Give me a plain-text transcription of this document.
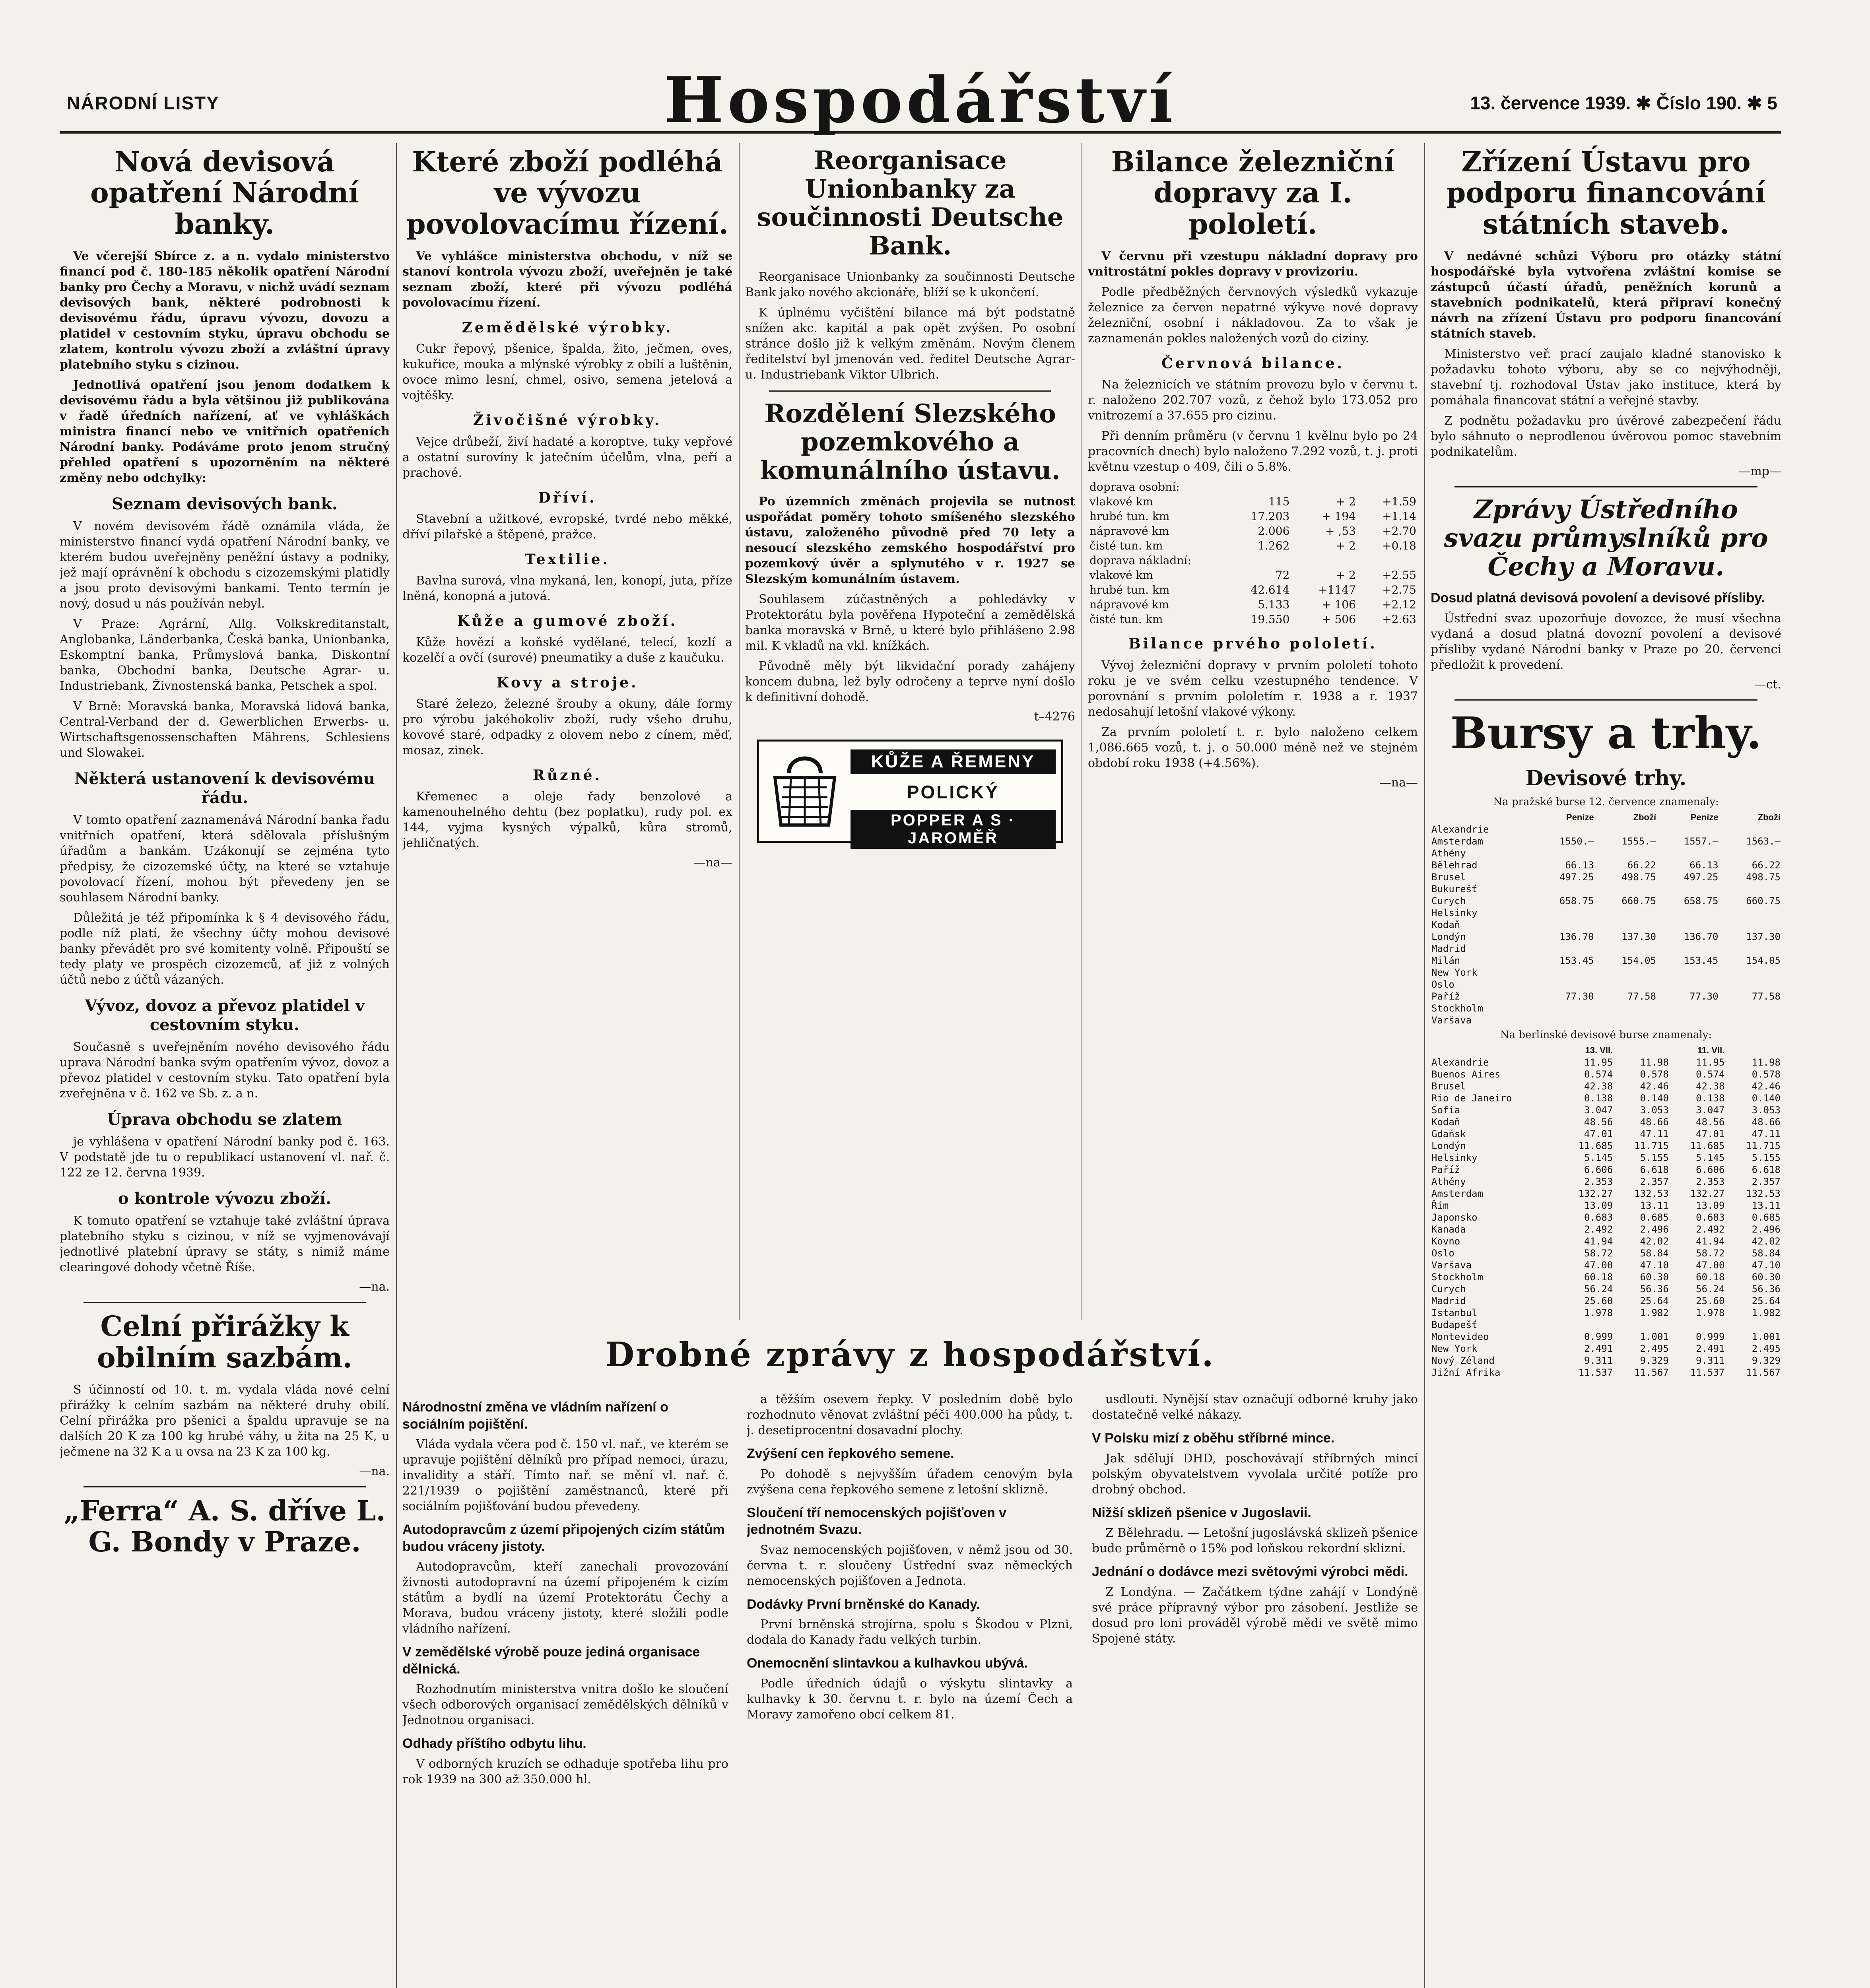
NÁRODNÍ LISTY	Hospodářství	13. července 1939. ✱ Číslo 190. ✱ 5
Nová devisová opatření Národní banky.

Ve včerejší Sbírce z. a n. vydalo ministerstvo financí pod č. 180-185 několik opatření Národní banky pro Čechy a Moravu, v nichž uvádí seznam devisových bank, některé podrobnosti k devisovému řádu, úpravu vývozu, dovozu a platidel v cestovním styku, úpravu obchodu se zlatem, kontrolu vývozu zboží a zvláštní úpravy platebního styku s cizinou.

Jednotlivá opatření jsou jenom dodatkem k devisovému řádu a byla většinou již publikována v řadě úředních nařízení, ať ve vyhláškách ministra financí nebo ve vnitřních opatřeních Národní banky. Podáváme proto jenom stručný přehled opatření s upozorněním na některé změny nebo odchylky:

Seznam devisových bank.

V novém devisovém řádě oznámila vláda, že ministerstvo financí vydá opatření Národní banky, ve kterém budou uveřejněny peněžní ústavy a podniky, jež mají oprávnění k obchodu s cizozemskými platidly a jsou proto devisovými bankami. Tento termín je nový, dosud u nás používán nebyl.

V Praze: Agrární, Allg. Volkskreditanstalt, Anglobanka, Länderbanka, Česká banka, Unionbanka, Eskomptní banka, Průmyslová banka, Diskontní banka, Obchodní banka, Deutsche Agrar- u. Industriebank, Živnostenská banka, Petschek a spol.

V Brně: Moravská banka, Moravská lidová banka, Central-Verband der d. Gewerblichen Erwerbs- u. Wirtschaftsgenossenschaften Mährens, Schlesiens und Slowakei.

Některá ustanovení k devisovému řádu.

V tomto opatření zaznamenává Národní banka řadu vnitřních opatření, která sdělovala příslušným úřadům a bankám. Uzákonují se zejména tyto předpisy, že cizozemské účty, na které se vztahuje povolovací řízení, mohou být převedeny jen se souhlasem Národní banky.

Důležitá je též připomínka k § 4 devisového řádu, podle níž platí, že všechny účty mohou devisové banky převádět pro své komitenty volně. Připouští se tedy platy ve prospěch cizozemců, ať již z volných účtů nebo z účtů vázaných.

Vývoz, dovoz a převoz platidel v cestovním styku.

Současně s uveřejněním nového devisového řádu uprava Národní banka svým opatřením vývoz, dovoz a převoz platidel v cestovním styku. Tato opatření byla zveřejněna v č. 162 ve Sb. z. a n.

Úprava obchodu se zlatem

je vyhlášena v opatření Národní banky pod č. 163. V podstatě jde tu o republikací ustanovení vl. nař. č. 122 ze 12. června 1939.

o kontrole vývozu zboží.

K tomuto opatření se vztahuje také zvláštní úprava platebního styku s cizinou, v níž se vyjmenovávají jednotlivé platební úpravy se státy, s nimiž máme clearingové dohody včetně Říše.

—na.
Celní přirážky k obilním sazbám.

S účinností od 10. t. m. vydala vláda nové celní přirážky k celním sazbám na některé druhy obilí. Celní přirážka pro pšenici a špaldu upravuje se na dalších 20 K za 100 kg hrubé váhy, u žita na 25 K, u ječmene na 32 K a u ovsa na 23 K za 100 kg.

—na.
„Ferra“ A. S. dříve L. G. Bondy v Praze.

Které zboží podléhá ve vývozu povolovacímu řízení.

Ve vyhlášce ministerstva obchodu, v níž se stanoví kontrola vývozu zboží, uveřejněn je také seznam zboží, které při vývozu podléhá povolovacímu řízení.

Zemědělské výrobky.

Cukr řepový, pšenice, špalda, žito, ječmen, oves, kukuřice, mouka a mlýnské výrobky z obilí a luštěnin, ovoce mimo lesní, chmel, osivo, semena jetelová a vojtěšky.

Živočišné výrobky.

Vejce drůbeží, živí hadaté a koroptve, tuky vepřové a ostatní surovíny k jatečním účelům, vlna, peří a prachové.

Dříví.

Stavební a užitkové, evropské, tvrdé nebo měkké, dříví pilařské a štěpené, pražce.

Textilie.

Bavlna surová, vlna mykaná, len, konopí, juta, příze lněná, konopná a jutová.

Kůže a gumové zboží.

Kůže hovězí a koňské vydělané, telecí, kozlí a kozelčí a ovčí (surové) pneumatiky a duše z kaučuku.

Kovy a stroje.

Staré železo, železné šrouby a okuny, dále formy pro výrobu jakéhokoliv zboží, rudy všeho druhu, kovové staré, odpadky z olovem nebo z cínem, měď, mosaz, zinek.

Různé.

Křemenec a oleje řady benzolové a kamenouhelného dehtu (bez poplatku), rudy pol. ex 144, vyjma kysných výpalků, kůra stromů, jehličnatých.

—na—
Reorganisace Unionbanky za součinnosti Deutsche Bank.

Reorganisace Unionbanky za součinnosti Deutsche Bank jako nového akcionáře, blíží se k ukončení.

K úplnému vyčištění bilance má být podstatně snížen akc. kapitál a pak opět zvýšen. Po osobní stránce došlo již k velkým změnám. Novým členem ředitelství byl jmenován ved. ředitel Deutsche Agrar- u. Industriebank Viktor Ulbrich.

Rozdělení Slezského pozemkového a komunálního ústavu.

Po územních změnách projevila se nutnost uspořádat poměry tohoto smíšeného slezského ústavu, založeného původně před 70 lety a nesoucí slezského zemského hospodářství pro pozemkový úvěr a splynutého v r. 1927 se Slezským komunálním ústavem.

Souhlasem zúčastněných a pohledávky v Protektorátu byla pověřena Hypoteční a zemědělská banka moravská v Brně, u které bylo přihlášeno 2.98 mil. K vkladů na vkl. knížkách.

Původně měly být likvidační porady zahájeny koncem dubna, lež byly odročeny a teprve nyní došlo k definitivní dohodě.

t–4276
KŮŽE A ŘEMENY
POLICKÝ
POPPER A S · JAROMĚŘ
Bilance železniční dopravy za I. pololetí.

V červnu při vzestupu nákladní dopravy pro vnitrostátní pokles dopravy v provizoriu.

Podle předběžných červnových výsledků vykazuje železnice za červen nepatrné výkyve nové dopravy železniční, osobní i nákladovou. Za to však je zaznamenán pokles naložených vozů do ciziny.

Červnová bilance.

Na železnicích ve státním provozu bylo v červnu t. r. naloženo 202.707 vozů, z čehož bylo 173.052 pro vnitrozemí a 37.655 pro cizinu.

Při denním průměru (v červnu 1 kvělnu bylo po 24 pracovních dnech) bylo naloženo 7.292 vozů, t. j. proti květnu vzestup o 409, čili o 5.8%.

doprava osobní:			
vlakové km	115	+ 2	+1.59
hrubé tun. km	17.203	+ 194	+1.14
nápravové km	2.006	+ ,53	+2.70
čisté tun. km	1.262	+ 2	+0.18
doprava nákladní:			
vlakové km	72	+ 2	+2.55
hrubé tun. km	42.614	+1147	+2.75
nápravové km	5.133	+ 106	+2.12
čisté tun. km	19.550	+ 506	+2.63
Bilance prvého pololetí.

Vývoj železniční dopravy v prvním pololetí tohoto roku je ve svém celku vzestupného tendence. V porovnání s prvním pololetím r. 1938 a r. 1937 nedosahují letošní vlakové výkony.

Za prvním pololetí t. r. bylo naloženo celkem 1,086.665 vozů, t. j. o 50.000 méně než ve stejném období roku 1938 (+4.56%).

—na—
Zřízení Ústavu pro podporu financování státních staveb.

V nedávné schůzi Výboru pro otázky státní hospodářské byla vytvořena zvláštní komise se zástupců účastí úřadů, peněžních korunů a stavebních podnikatelů, která připraví konečný návrh na zřízení Ústavu pro podporu financování státních staveb.

Ministerstvo veř. prací zaujalo kladné stanovisko k požadavku tohoto výboru, aby se co nejvýhodněji, stavební tj. rozhodoval Ústav jako instituce, která by pomáhala financovat státní a veřejné stavby.

Z podnětu požadavku pro úvěrové zabezpečení řádu bylo sáhnuto o neprodlenou úvěrovou pomoc stavebním podnikatelům.

—mp—
Zprávy Ústředního svazu průmyslníků pro Čechy a Moravu.
Dosud platná devisová povolení a devisové přísliby.

Ústřední svaz upozorňuje dovozce, že musí všechna vydaná a dosud platná dovozní povolení a devisové přísliby vydané Národní banky v Praze po 20. červenci předložit k provedení.

—ct.
Bursy a trhy.
Devisové trhy.

Na pražské burse 12. července znamenaly:

	Peníze	Zboží	Peníze	Zboží
Alexandrie				
Amsterdam	1550.—	1555.—	1557.—	1563.—
Athény				
Bělehrad	66.13	66.22	66.13	66.22
Brusel	497.25	498.75	497.25	498.75
Bukurešť				
Curych	658.75	660.75	658.75	660.75
Helsinky				
Kodaň				
Londýn	136.70	137.30	136.70	137.30
Madrid				
Milán	153.45	154.05	153.45	154.05
New York				
Oslo				
Paříž	77.30	77.58	77.30	77.58
Stockholm				
Varšava				

Na berlínské devisové burse znamenaly:

	13. VII.		11. VII.	
Alexandrie	11.95	11.98	11.95	11.98
Buenos Aires	0.574	0.578	0.574	0.578
Brusel	42.38	42.46	42.38	42.46
Rio de Janeiro	0.138	0.140	0.138	0.140
Sofia	3.047	3.053	3.047	3.053
Kodaň	48.56	48.66	48.56	48.66
Gdańsk	47.01	47.11	47.01	47.11
Londýn	11.685	11.715	11.685	11.715
Helsinky	5.145	5.155	5.145	5.155
Paříž	6.606	6.618	6.606	6.618
Athény	2.353	2.357	2.353	2.357
Amsterdam	132.27	132.53	132.27	132.53
Řím	13.09	13.11	13.09	13.11
Japonsko	0.683	0.685	0.683	0.685
Kanada	2.492	2.496	2.492	2.496
Kovno	41.94	42.02	41.94	42.02
Oslo	58.72	58.84	58.72	58.84
Varšava	47.00	47.10	47.00	47.10
Stockholm	60.18	60.30	60.18	60.30
Curych	56.24	56.36	56.24	56.36
Madrid	25.60	25.64	25.60	25.64
Istanbul	1.978	1.982	1.978	1.982
Budapešť				
Montevideo	0.999	1.001	0.999	1.001
New York	2.491	2.495	2.491	2.495
Nový Zéland	9.311	9.329	9.311	9.329
Jižní Afrika	11.537	11.567	11.537	11.567
Drobné zprávy z hospodářství.
Národnostní změna ve vládním nařízení o sociálním pojištění.

Vláda vydala včera pod č. 150 vl. nař., ve kterém se upravuje pojištění dělníků pro případ nemoci, úrazu, invalidity a stáří. Tímto nař. se mění vl. nař. č. 221/1939 o pojištění zaměstnanců, které při sociálním pojišťování budou převedeny.

Autodopravcům z území připojených cizím státům budou vráceny jistoty.

Autodopravcům, kteří zanechali provozování živnosti autodopravní na území připojeném k cizím státům a bydlí na území Protektorátu Čechy a Morava, budou vráceny jistoty, které složili podle vládního nařízení.

V zemědělské výrobě pouze jediná organisace dělnická.

Rozhodnutím ministerstva vnitra došlo ke sloučení všech odborových organisací zemědělských dělníků v Jednotnou organisaci.

Odhady příštího odbytu lihu.

V odborných kruzích se odhaduje spotřeba lihu pro rok 1939 na 300 až 350.000 hl.

a těžším osevem řepky. V posledním době bylo rozhodnuto věnovat zvláštní péči 400.000 ha půdy, t. j. desetiprocentní dosavadní plochy.

Zvýšení cen řepkového semene.

Po dohodě s nejvyšším úřadem cenovým byla zvýšena cena řepkového semene z letošní sklizně.

Sloučení tří nemocenských pojišťoven v jednotném Svazu.

Svaz nemocenských pojišťoven, v němž jsou od 30. června t. r. sloučeny Ústřední svaz německých nemocenských pojišťoven a Jednota.

Dodávky První brněnské do Kanady.

První brněnská strojírna, spolu s Škodou v Plzni, dodala do Kanady řadu velkých turbin.

Onemocnění slintavkou a kulhavkou ubývá.

Podle úředních údajů o výskytu slintavky a kulhavky k 30. červnu t. r. bylo na území Čech a Moravy zamořeno obcí celkem 81.

usdlouti. Nynější stav označují odborné kruhy jako dostatečně velké nákazy.

V Polsku mizí z oběhu stříbrné mince.

Jak sdělují DHD, poschovávají stříbrných mincí polským obyvatelstvem vyvolala určité potíže pro drobný obchod.

Nižší sklizeň pšenice v Jugoslavii.

Z Bělehradu. — Letošní jugoslávská sklizeň pšenice bude průměrně o 15% pod loňskou rekordní sklizní.

Jednání o dodávce mezi světovými výrobci mědi.

Z Londýna. — Začátkem týdne zahájí v Londýně své práce přípravný výbor pro zásobení. Jestliže se dosud pro loni prováděl výrobě mědi ve světě mimo Spojené státy.
